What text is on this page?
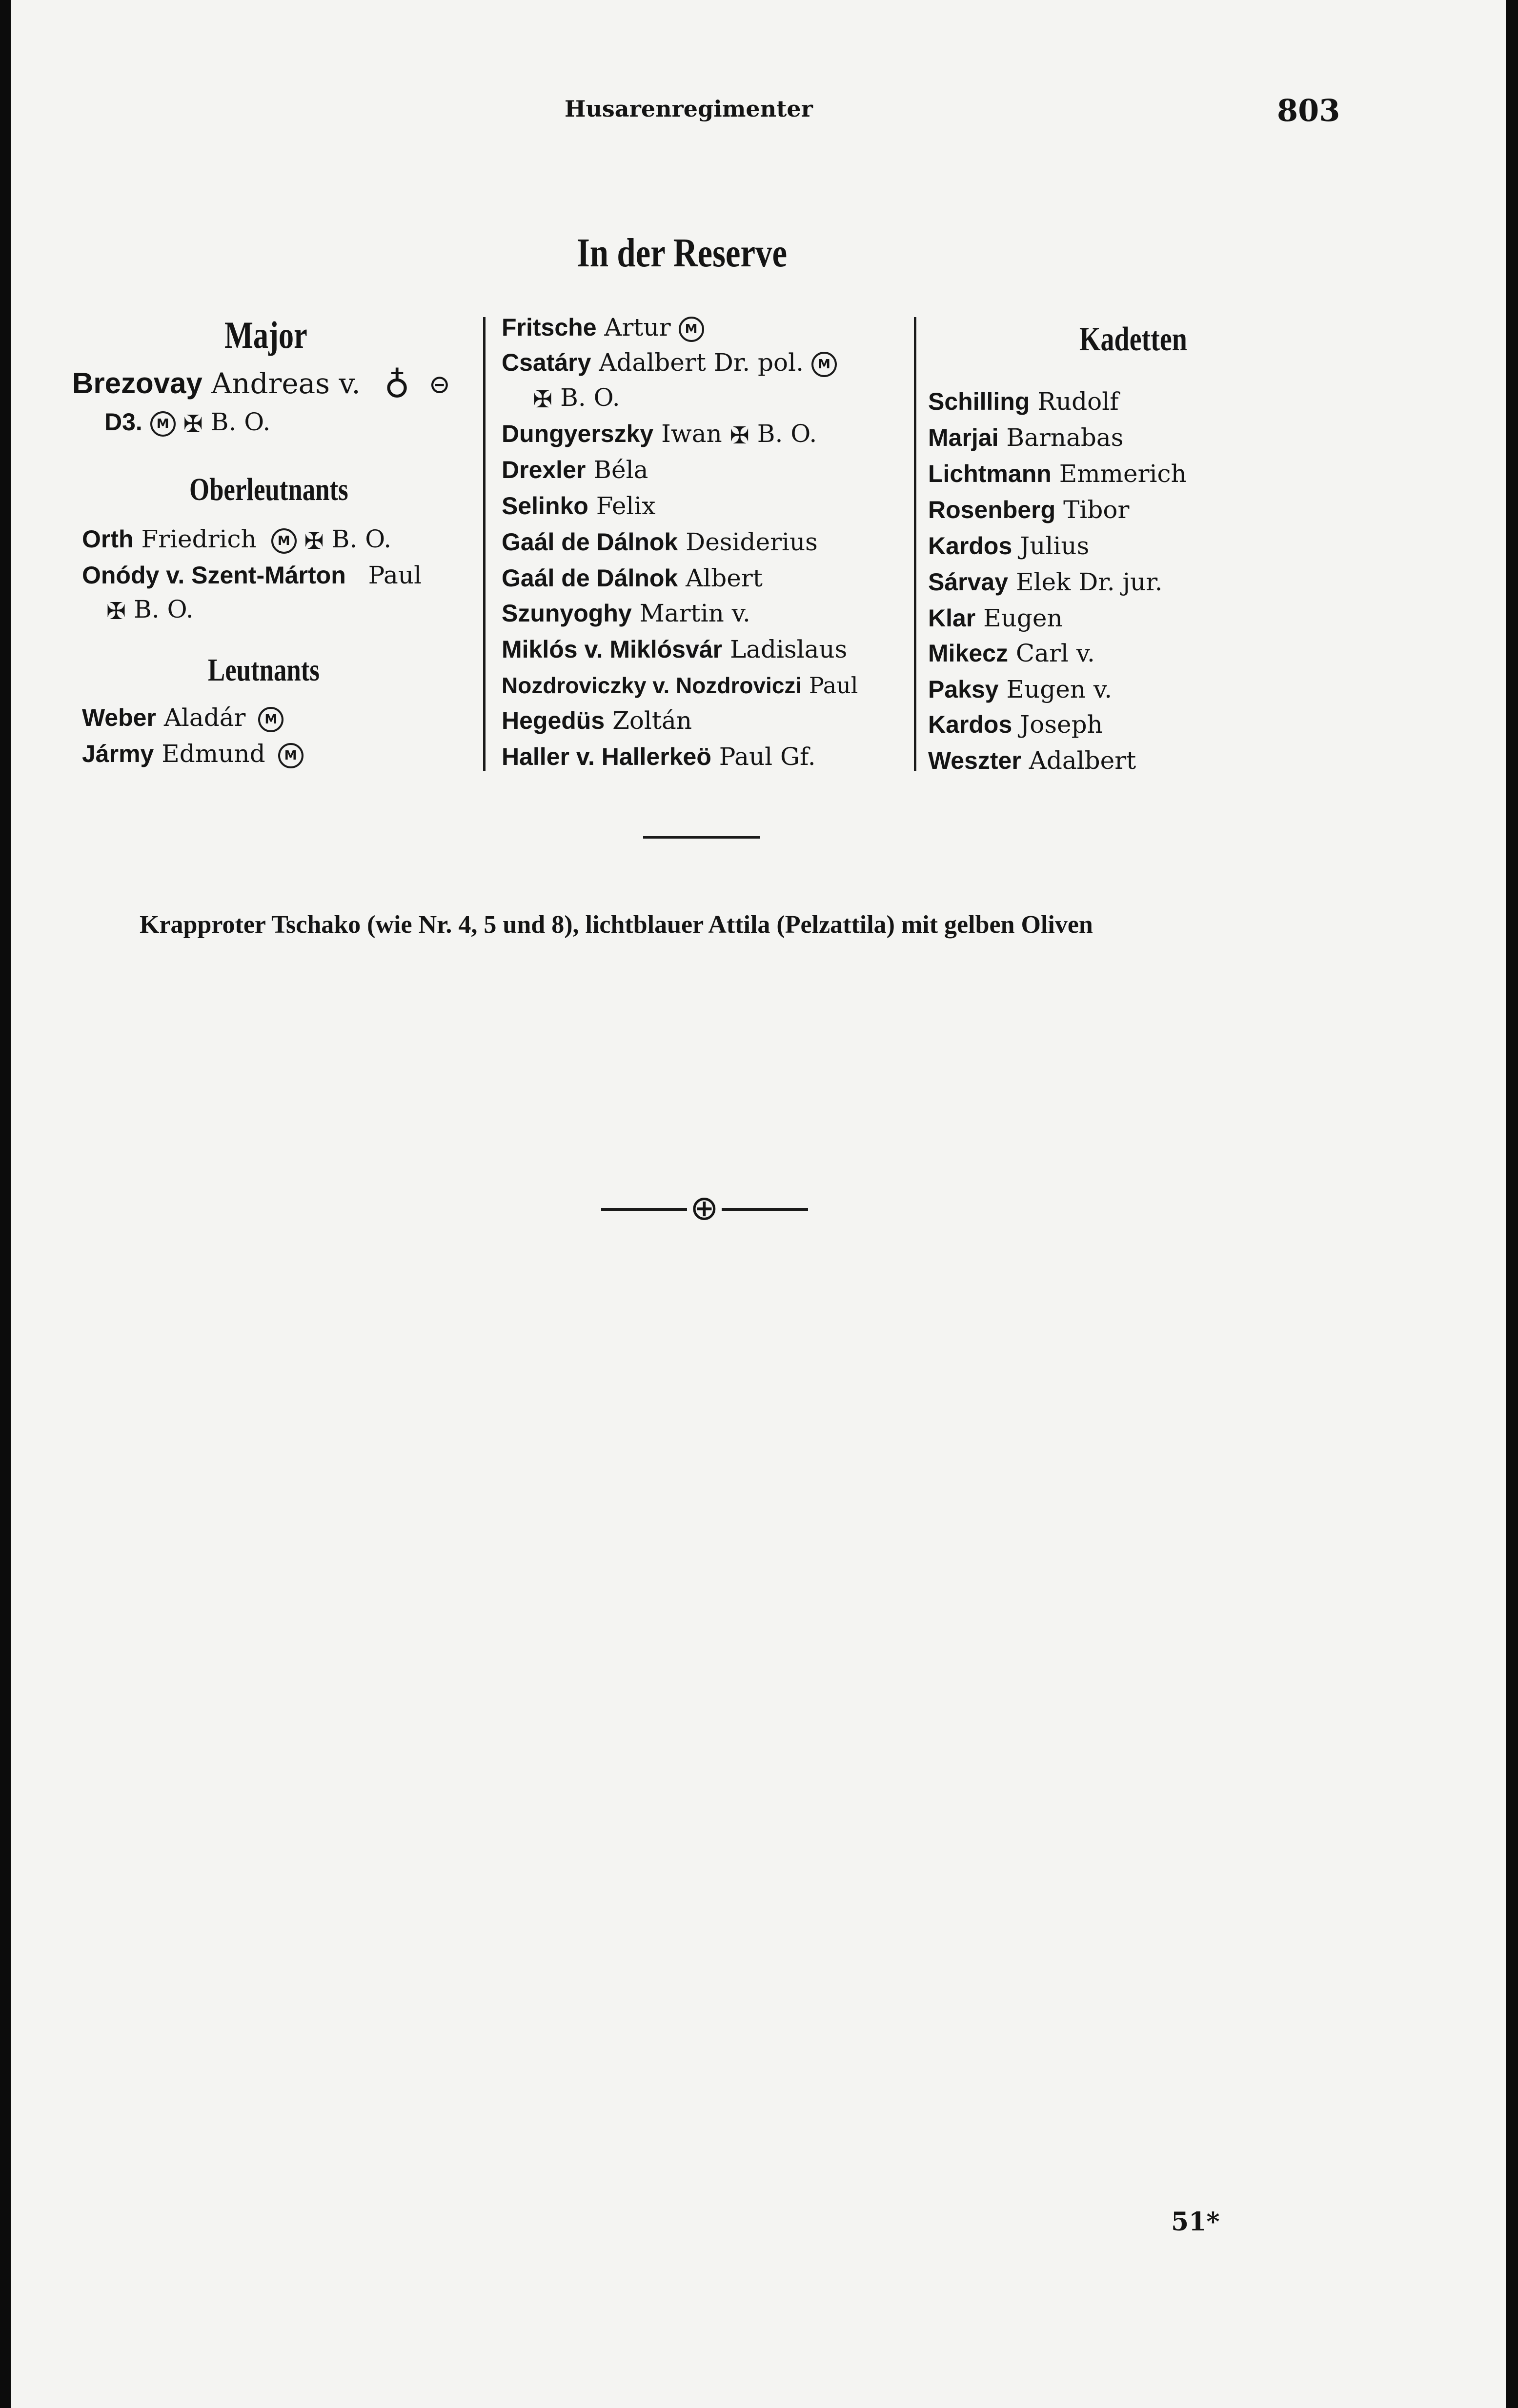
Husarenregimenter	803
In der Reserve
Major
Brezovay Andreas v. ♁ ⊝
D3. M ✠ B. O.
Oberleutnants
Orth Friedrich M ✠ B. O.
Onódy v. Szent-Márton Paul
✠ B. O.
Leutnants
Weber Aladár M
Jármy Edmund M
Fritsche Artur M
Csatáry Adalbert Dr. pol. M
✠ B. O.
Dungyerszky Iwan ✠ B. O.
Drexler Béla
Selinko Felix
Gaál de Dálnok Desiderius
Gaál de Dálnok Albert
Szunyoghy Martin v.
Miklós v. Miklósvár Ladislaus
Nozdroviczky v. Nozdroviczi Paul
Hegedüs Zoltán
Haller v. Hallerkeö Paul Gf.
Kadetten
Schilling Rudolf
Marjai Barnabas
Lichtmann Emmerich
Rosenberg Tibor
Kardos Julius
Sárvay Elek Dr. jur.
Klar Eugen
Mikecz Carl v.
Paksy Eugen v.
Kardos Joseph
Weszter Adalbert
Krapproter Tschako (wie Nr. 4, 5 und 8), lichtblauer Attila (Pelzattila) mit gelben Oliven
⊕
51*
